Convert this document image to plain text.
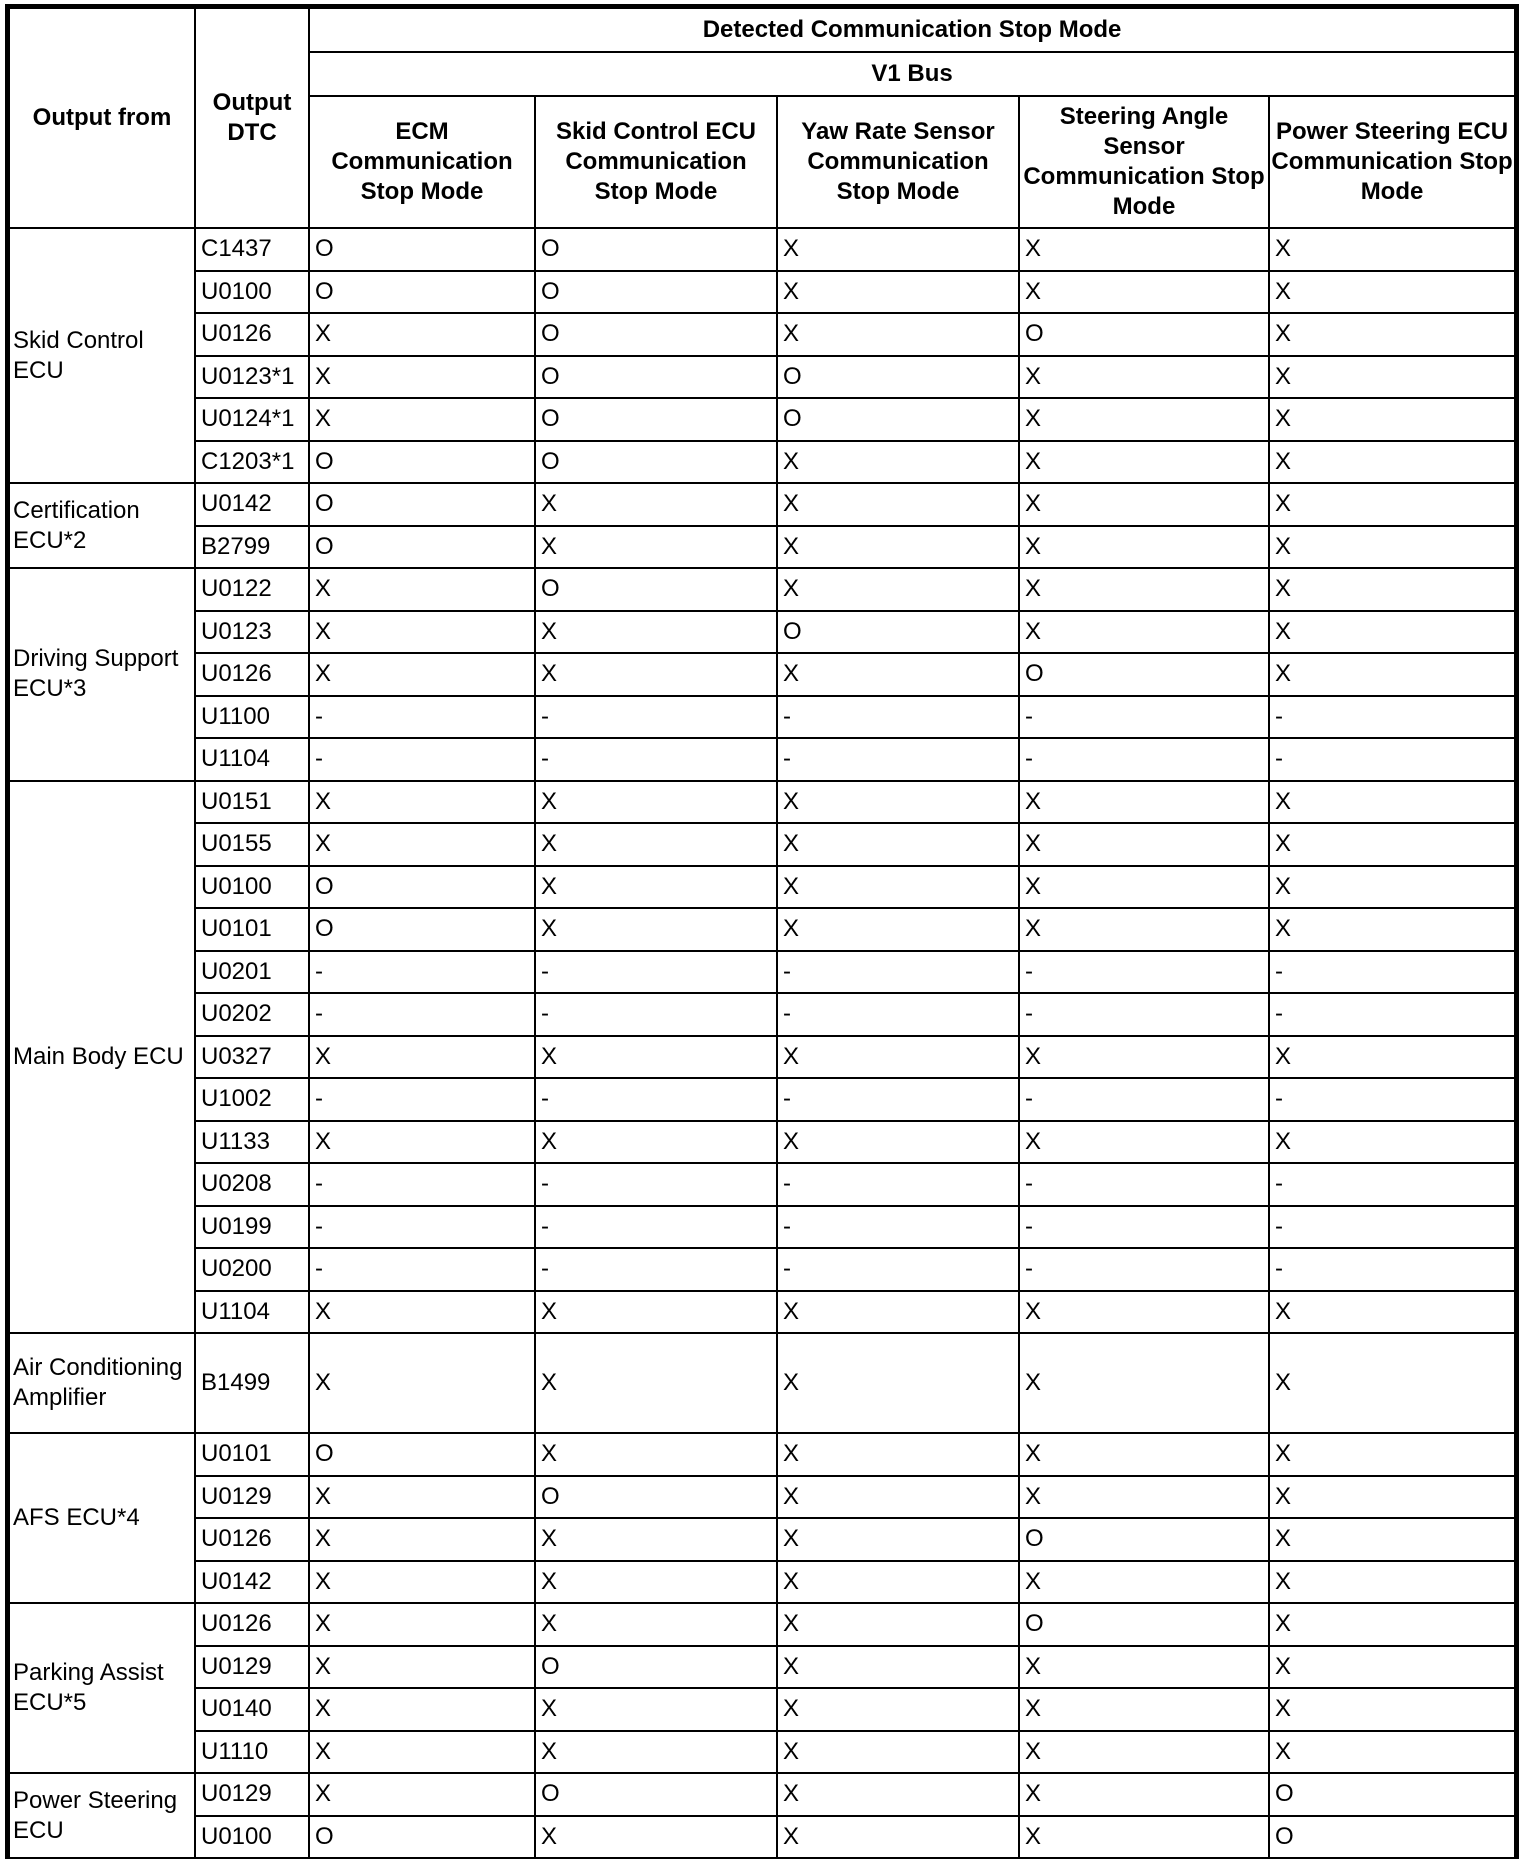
Output from	Output DTC	Detected Communication Stop Mode				
		V1 Bus				
		ECM Communication Stop Mode	Skid Control ECU Communication Stop Mode	Yaw Rate Sensor Communication Stop Mode	Steering Angle Sensor Communication Stop Mode	Power Steering ECU Communication Stop Mode
Skid Control ECU	C1437	O	O	X	X	X
	U0100	O	O	X	X	X
	U0126	X	O	X	O	X
	U0123*1	X	O	O	X	X
	U0124*1	X	O	O	X	X
	C1203*1	O	O	X	X	X
Certification ECU*2	U0142	O	X	X	X	X
	B2799	O	X	X	X	X
Driving Support ECU*3	U0122	X	O	X	X	X
	U0123	X	X	O	X	X
	U0126	X	X	X	O	X
	U1100	-	-	-	-	-
	U1104	-	-	-	-	-
Main Body ECU	U0151	X	X	X	X	X
	U0155	X	X	X	X	X
	U0100	O	X	X	X	X
	U0101	O	X	X	X	X
	U0201	-	-	-	-	-
	U0202	-	-	-	-	-
	U0327	X	X	X	X	X
	U1002	-	-	-	-	-
	U1133	X	X	X	X	X
	U0208	-	-	-	-	-
	U0199	-	-	-	-	-
	U0200	-	-	-	-	-
	U1104	X	X	X	X	X
Air Conditioning Amplifier	B1499	X	X	X	X	X
AFS ECU*4	U0101	O	X	X	X	X
	U0129	X	O	X	X	X
	U0126	X	X	X	O	X
	U0142	X	X	X	X	X
Parking Assist ECU*5	U0126	X	X	X	O	X
	U0129	X	O	X	X	X
	U0140	X	X	X	X	X
	U1110	X	X	X	X	X
Power Steering ECU	U0129	X	O	X	X	O
	U0100	O	X	X	X	O
